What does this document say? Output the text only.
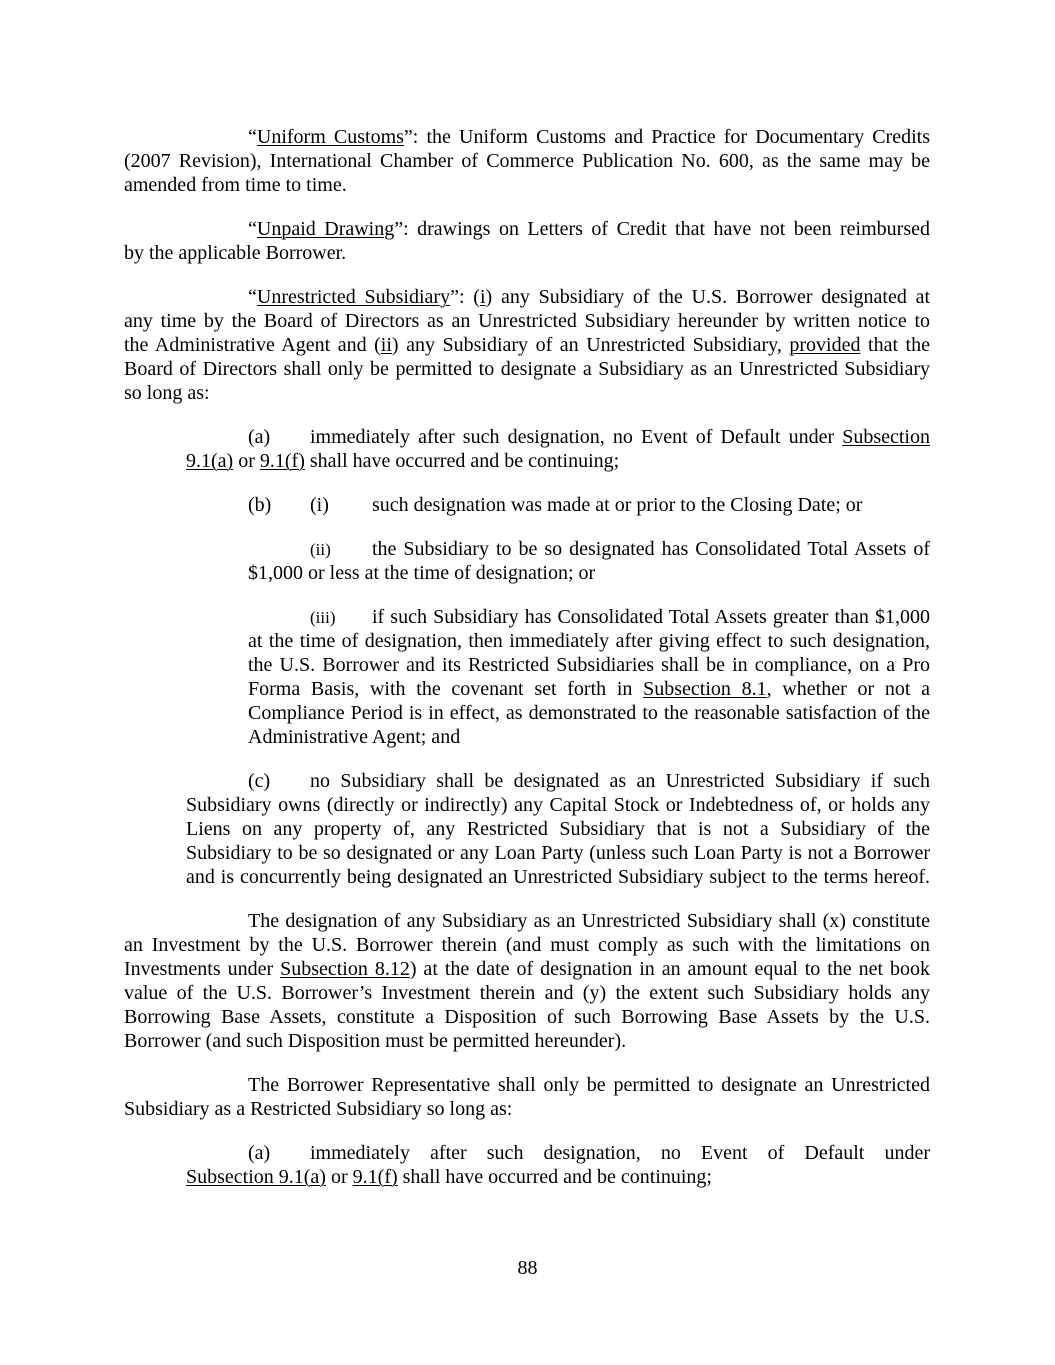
“Uniform Customs”: the Uniform Customs and Practice for Documentary Credits
(2007 Revision), International Chamber of Commerce Publication No. 600, as the same may be
amended from time to time.
“Unpaid Drawing”: drawings on Letters of Credit that have not been reimbursed
by the applicable Borrower.
“Unrestricted Subsidiary”: (i) any Subsidiary of the U.S. Borrower designated at
any time by the Board of Directors as an Unrestricted Subsidiary hereunder by written notice to
the Administrative Agent and (ii) any Subsidiary of an Unrestricted Subsidiary, provided that the
Board of Directors shall only be permitted to designate a Subsidiary as an Unrestricted Subsidiary
so long as:
(a)	immediately after such designation, no Event of Default under Subsection
9.1(a) or 9.1(f) shall have occurred and be continuing;
(b)	(i)	such designation was made at or prior to the Closing Date; or
(ii)	the Subsidiary to be so designated has Consolidated Total Assets of
$1,000 or less at the time of designation; or
(iii)	if such Subsidiary has Consolidated Total Assets greater than $1,000
at the time of designation, then immediately after giving effect to such designation,
the U.S. Borrower and its Restricted Subsidiaries shall be in compliance, on a Pro
Forma Basis, with the covenant set forth in Subsection 8.1, whether or not a
Compliance Period is in effect, as demonstrated to the reasonable satisfaction of the
Administrative Agent; and
(c)	no Subsidiary shall be designated as an Unrestricted Subsidiary if such
Subsidiary owns (directly or indirectly) any Capital Stock or Indebtedness of, or holds any
Liens on any property of, any Restricted Subsidiary that is not a Subsidiary of the
Subsidiary to be so designated or any Loan Party (unless such Loan Party is not a Borrower
and is concurrently being designated an Unrestricted Subsidiary subject to the terms hereof.
The designation of any Subsidiary as an Unrestricted Subsidiary shall (x) constitute
an Investment by the U.S. Borrower therein (and must comply as such with the limitations on
Investments under Subsection 8.12) at the date of designation in an amount equal to the net book
value of the U.S. Borrower’s Investment therein and (y) the extent such Subsidiary holds any
Borrowing Base Assets, constitute a Disposition of such Borrowing Base Assets by the U.S.
Borrower (and such Disposition must be permitted hereunder).
The Borrower Representative shall only be permitted to designate an Unrestricted
Subsidiary as a Restricted Subsidiary so long as:
(a)	immediately after such designation, no Event of Default under
Subsection 9.1(a) or 9.1(f) shall have occurred and be continuing;
88
